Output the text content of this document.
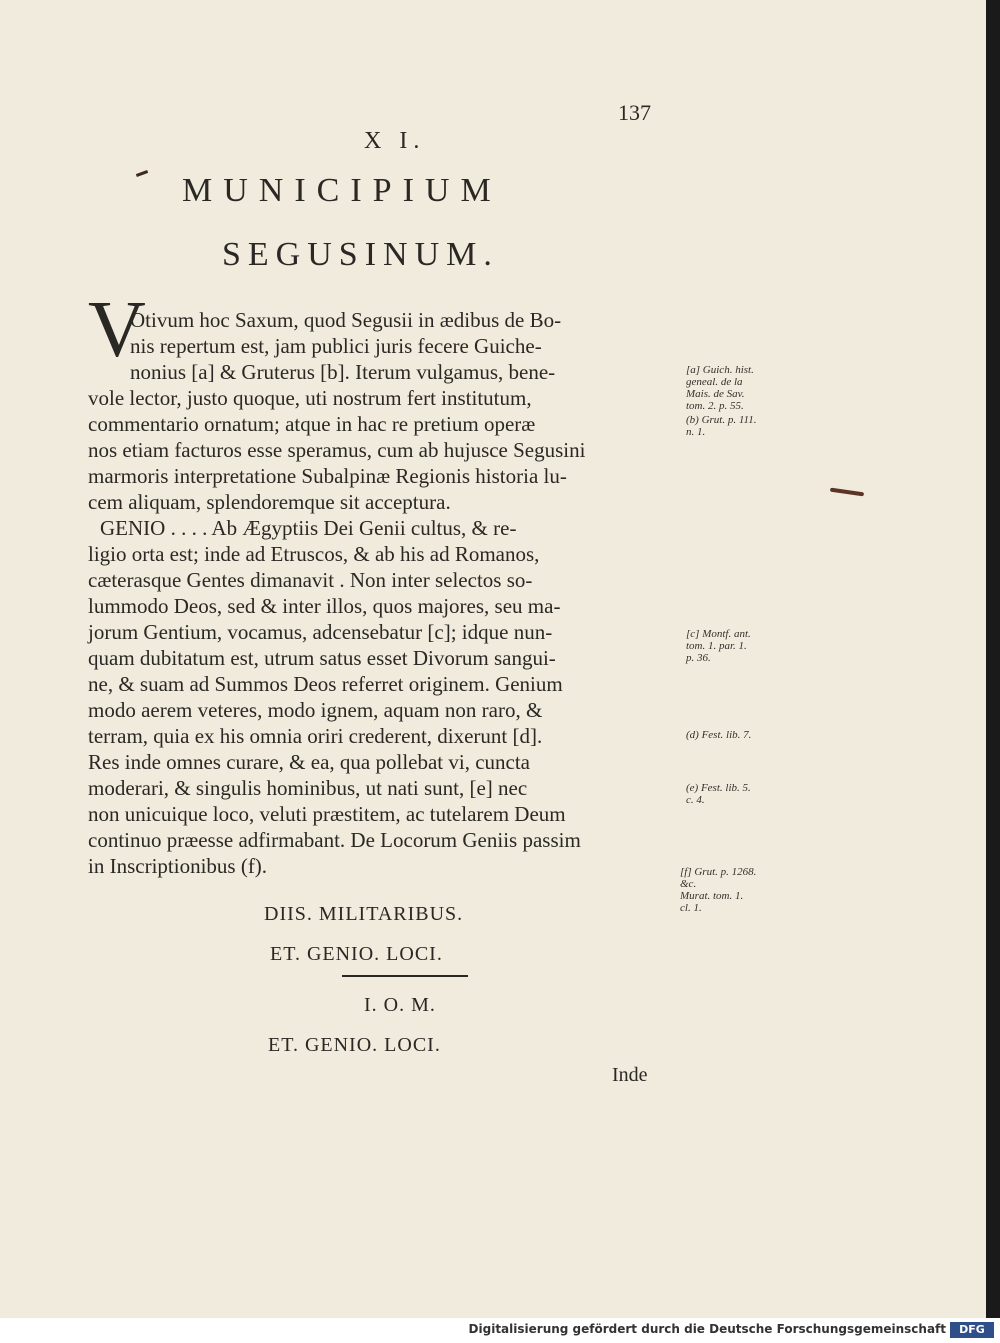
137
X I.
MUNICIPIUM
SEGUSINUM.
V
Otivum hoc Saxum, quod Segusii in ædibus de Bo-
nis repertum est, jam publici juris fecere Guiche-
nonius [a] & Gruterus [b]. Iterum vulgamus, bene-
vole lector, justo quoque, uti nostrum fert institutum,
commentario ornatum; atque in hac re pretium operæ
nos etiam facturos esse speramus, cum ab hujusce Segusini
marmoris interpretatione Subalpinæ Regionis historia lu-
cem aliquam, splendoremque sit acceptura.
GENIO . . . . Ab Ægyptiis Dei Genii cultus, & re-
ligio orta est; inde ad Etruscos, & ab his ad Romanos,
cæterasque Gentes dimanavit . Non inter selectos so-
lummodo Deos, sed & inter illos, quos majores, seu ma-
jorum Gentium, vocamus, adcensebatur [c]; idque nun-
quam dubitatum est, utrum satus esset Divorum sangui-
ne, & suam ad Summos Deos referret originem. Genium
modo aerem veteres, modo ignem, aquam non raro, &
terram, quia ex his omnia oriri crederent, dixerunt [d].
Res inde omnes curare, & ea, qua pollebat vi, cuncta
moderari, & singulis hominibus, ut nati sunt, [e] nec
non unicuique loco, veluti præstitem, ac tutelarem Deum
continuo præesse adfirmabant. De Locorum Geniis passim
in Inscriptionibus (f).
[a] Guich. hist.
geneal. de la
Mais. de Sav.
tom. 2. p. 55.
(b) Grut. p. 111.
n. 1.
[c] Montf. ant.
tom. 1. par. 1.
p. 36.
(d) Fest. lib. 7.
(e) Fest. lib. 5.
c. 4.
[f] Grut. p. 1268.
&c.
Murat. tom. 1.
cl. 1.
DIIS. MILITARIBUS.
ET. GENIO. LOCI.
I. O. M.
ET. GENIO. LOCI.
Inde
Digitalisierung gefördert durch die Deutsche Forschungsgemeinschaft	DFG
